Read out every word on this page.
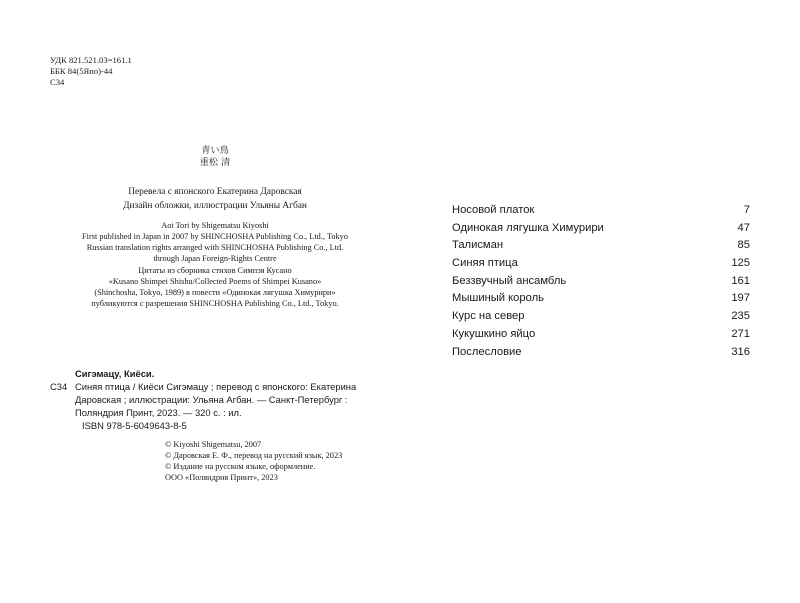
УДК 821.521.03=161.1
ББК 84(5Япо)-44
С34
青い鳥
重松 清
Перевела с японского Екатерина Даровская
Дизайн обложки, иллюстрации Ульяны Агбан
Aoi Tori by Shigematsu Kiyoshi
First published in Japan in 2007 by SHINCHOSHA Publishing Co., Ltd., Tokyo
Russian translation rights arranged with SHINCHOSHA Publishing Co., Ltd.
through Japan Foreign-Rights Centre
Цитаты из сборника стихов Симпэя Кусано
«Kusano Shimpei Shishu/Collected Poems of Shimpei Kusano»
(Shinchosha, Tokyo, 1989) в повести «Одинокая лягушка Химурири»
публикуются с разрешения SHINCHOSHA Publishing Co., Ltd., Tokyo.
Сигэмацу, Киёси.
С34 Синяя птица / Киёси Сигэмацу ; перевод с японского: Екатерина Даровская ; иллюстрации: Ульяна Агбан. — Санкт-Петербург : Поляндрия Принт, 2023. — 320 с. : ил.
ISBN 978-5-6049643-8-5
© Kiyoshi Shigematsu, 2007
© Даровская Е. Ф., перевод на русский язык, 2023
© Издание на русском языке, оформление.
ООО «Поляндрия Принт», 2023
Носовой платок	7
Одинокая лягушка Химурири	47
Талисман	85
Синяя птица	125
Беззвучный ансамбль	161
Мышиный король	197
Курс на север	235
Кукушкино яйцо	271
Послесловие	316
